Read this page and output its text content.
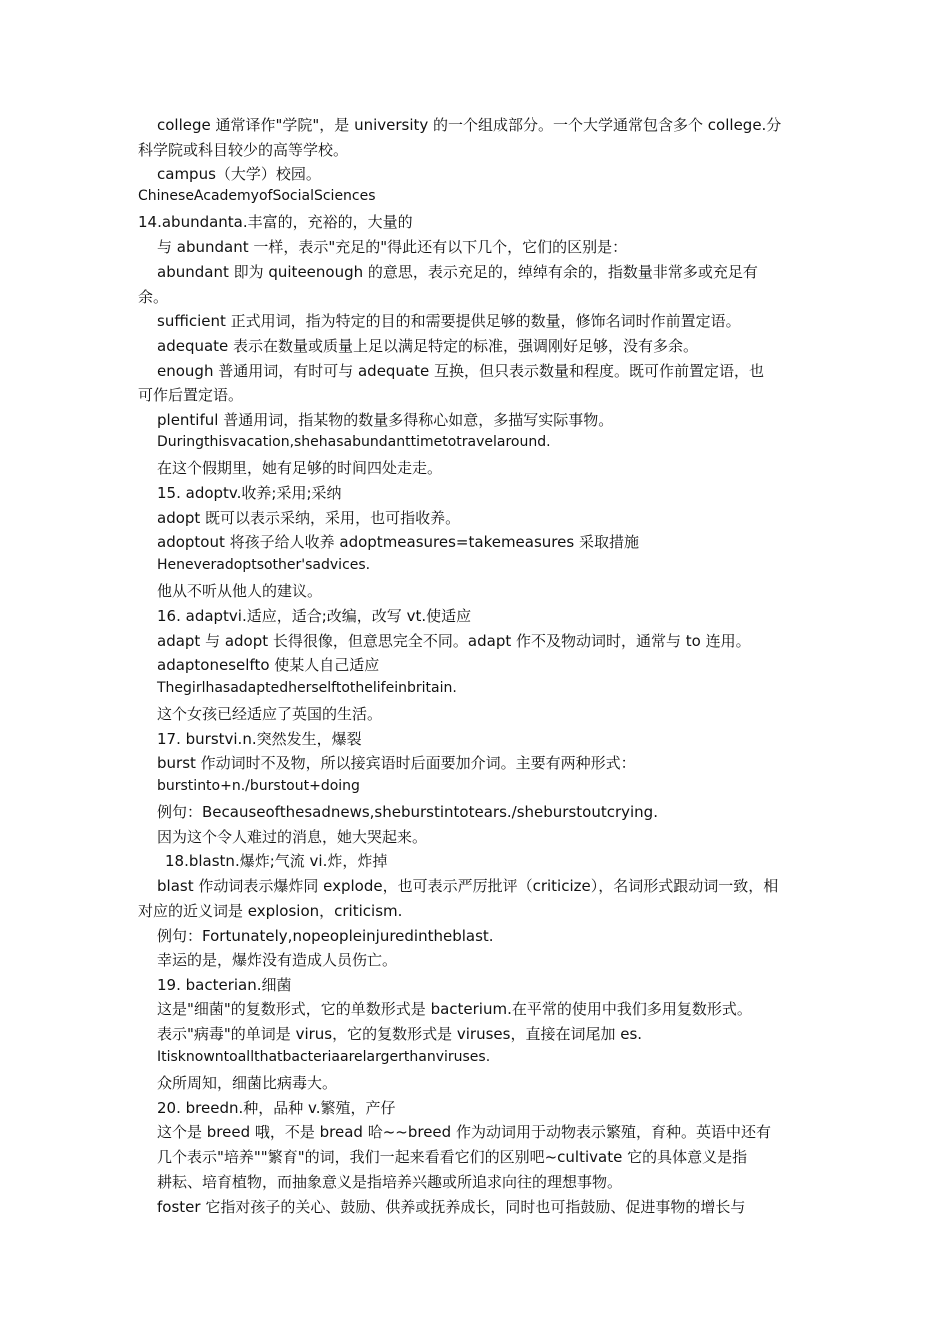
college 通常译作"学院"，是 university 的一个组成部分。一个大学通常包含多个 college.分
科学院或科目较少的高等学校。
campus（大学）校园。
ChineseAcademyofSocialSciences
14.abundanta.丰富的，充裕的，大量的
与 abundant 一样，表示"充足的"得此还有以下几个，它们的区别是：
abundant 即为 quiteenough 的意思，表示充足的，绰绰有余的，指数量非常多或充足有
余。
sufficient 正式用词，指为特定的目的和需要提供足够的数量，修饰名词时作前置定语。
adequate 表示在数量或质量上足以满足特定的标准，强调刚好足够，没有多余。
enough 普通用词，有时可与 adequate 互换，但只表示数量和程度。既可作前置定语，也
可作后置定语。
plentiful 普通用词，指某物的数量多得称心如意，多描写实际事物。
Duringthisvacation,shehasabundanttimetotravelaround.
在这个假期里，她有足够的时间四处走走。
15. adoptv.收养;采用;采纳
adopt 既可以表示采纳，采用，也可指收养。
adoptout 将孩子给人收养 adoptmeasures=takemeasures 采取措施
Heneveradoptsother'sadvices.
他从不听从他人的建议。
16. adaptvi.适应，适合;改编，改写 vt.使适应
adapt 与 adopt 长得很像，但意思完全不同。adapt 作不及物动词时，通常与 to 连用。
adaptoneselfto 使某人自己适应
Thegirlhasadaptedherselftothelifeinbritain.
这个女孩已经适应了英国的生活。
17. burstvi.n.突然发生，爆裂
burst 作动词时不及物，所以接宾语时后面要加介词。主要有两种形式：
burstinto+n./burstout+doing
例句：Becauseofthesadnews,sheburstintotears./sheburstoutcrying.
因为这个令人难过的消息，她大哭起来。
18.blastn.爆炸;气流 vi.炸，炸掉
blast 作动词表示爆炸同 explode，也可表示严厉批评（criticize），名词形式跟动词一致，相
对应的近义词是 explosion，criticism.
例句：Fortunately,nopeopleinjuredintheblast.
幸运的是，爆炸没有造成人员伤亡。
19. bacterian.细菌
这是"细菌"的复数形式，它的单数形式是 bacterium.在平常的使用中我们多用复数形式。
表示"病毒"的单词是 virus，它的复数形式是 viruses，直接在词尾加 es.
Itisknowntoallthatbacteriaarelargerthanviruses.
众所周知，细菌比病毒大。
20. breedn.种，品种 v.繁殖，产仔
这个是 breed 哦，不是 bread 哈~~breed 作为动词用于动物表示繁殖，育种。英语中还有
几个表示"培养""繁育"的词，我们一起来看看它们的区别吧~cultivate 它的具体意义是指
耕耘、培育植物，而抽象意义是指培养兴趣或所追求向往的理想事物。
foster 它指对孩子的关心、鼓励、供养或抚养成长，同时也可指鼓励、促进事物的增长与
